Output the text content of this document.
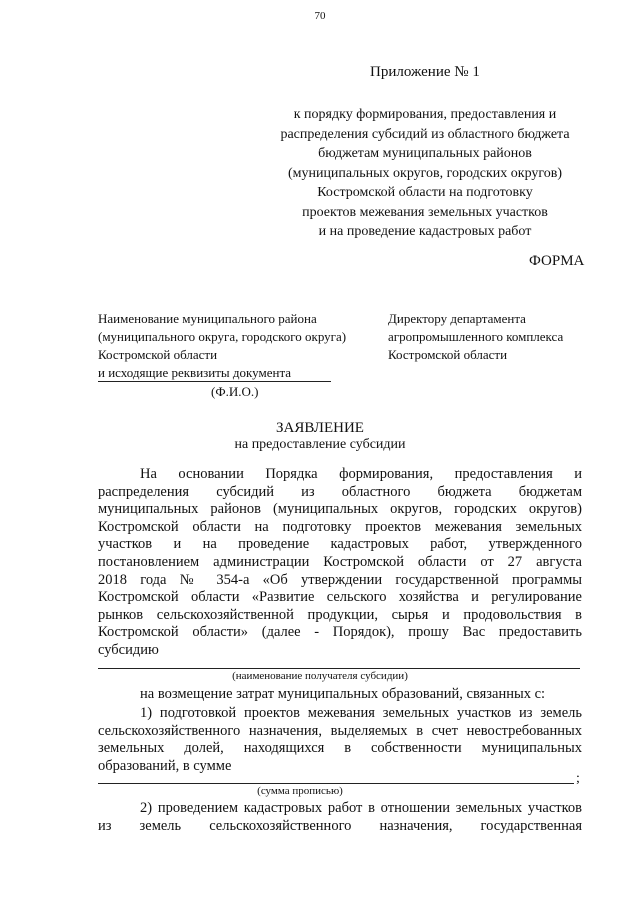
70
Приложение № 1
к порядку формирования, предоставления и
распределения субсидий из областного бюджета
бюджетам муниципальных районов
(муниципальных округов, городских округов)
Костромской области на подготовку
проектов межевания земельных участков
и на проведение кадастровых работ
ФОРМА
Наименование муниципального района
(муниципального округа, городского округа)
Костромской области
и исходящие реквизиты документа
Директору департамента
агропромышленного комплекса
Костромской области
(Ф.И.О.)
ЗАЯВЛЕНИЕ
на предоставление субсидии
На основании Порядка формирования, предоставления и
распределения субсидий из областного бюджета бюджетам
муниципальных районов (муниципальных округов, городских округов)
Костромской области на подготовку проектов межевания земельных
участков и на проведение кадастровых работ, утвержденного
постановлением администрации Костромской области от 27 августа
2018 года № 354-а «Об утверждении государственной программы
Костромской области «Развитие сельского хозяйства и регулирование
рынков сельскохозяйственной продукции, сырья и продовольствия в
Костромской области» (далее - Порядок), прошу Вас предоставить
субсидию
(наименование получателя субсидии)
на возмещение затрат муниципальных образований, связанных с:
1) подготовкой проектов межевания земельных участков из земель
сельскохозяйственного назначения, выделяемых в счет невостребованных
земельных долей, находящихся в собственности муниципальных
образований, в сумме
;
(сумма прописью)
2) проведением кадастровых работ в отношении земельных участков
из земель сельскохозяйственного назначения, государственная
